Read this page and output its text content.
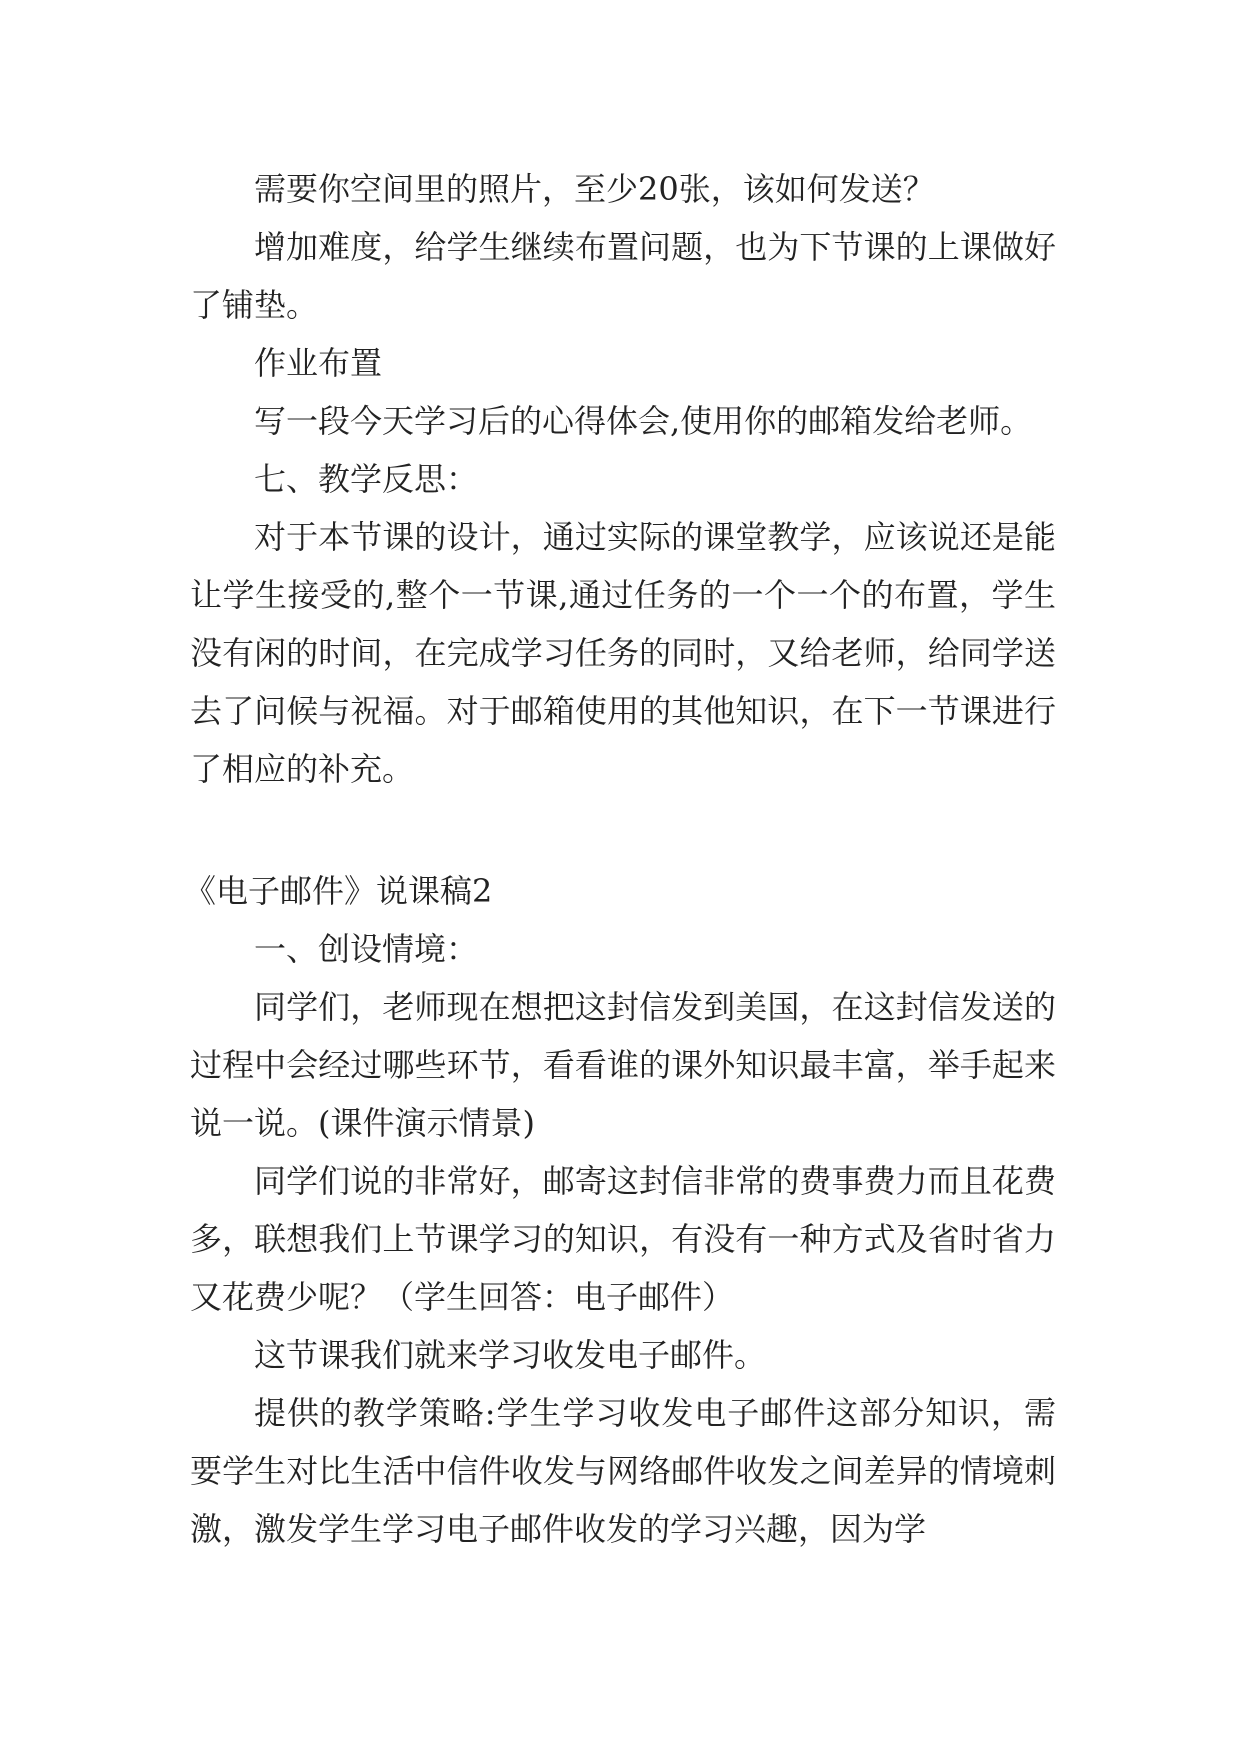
需要你空间里的照片，至少20张，该如何发送？

增加难度，给学生继续布置问题，也为下节课的上课做好了铺垫。

作业布置

写一段今天学习后的心得体会,使用你的邮箱发给老师。

七、教学反思：

对于本节课的设计，通过实际的课堂教学，应该说还是能让学生接受的,整个一节课,通过任务的一个一个的布置，学生没有闲的时间，在完成学习任务的同时，又给老师，给同学送去了问候与祝福。对于邮箱使用的其他知识，在下一节课进行了相应的补充。

《电子邮件》说课稿2

一、创设情境：

同学们，老师现在想把这封信发到美国，在这封信发送的过程中会经过哪些环节，看看谁的课外知识最丰富，举手起来说一说。(课件演示情景)

同学们说的非常好，邮寄这封信非常的费事费力而且花费多，联想我们上节课学习的知识，有没有一种方式及省时省力又花费少呢？（学生回答：电子邮件）

这节课我们就来学习收发电子邮件。

提供的教学策略:学生学习收发电子邮件这部分知识，需要学生对比生活中信件收发与网络邮件收发之间差异的情境刺激，激发学生学习电子邮件收发的学习兴趣，因为学
